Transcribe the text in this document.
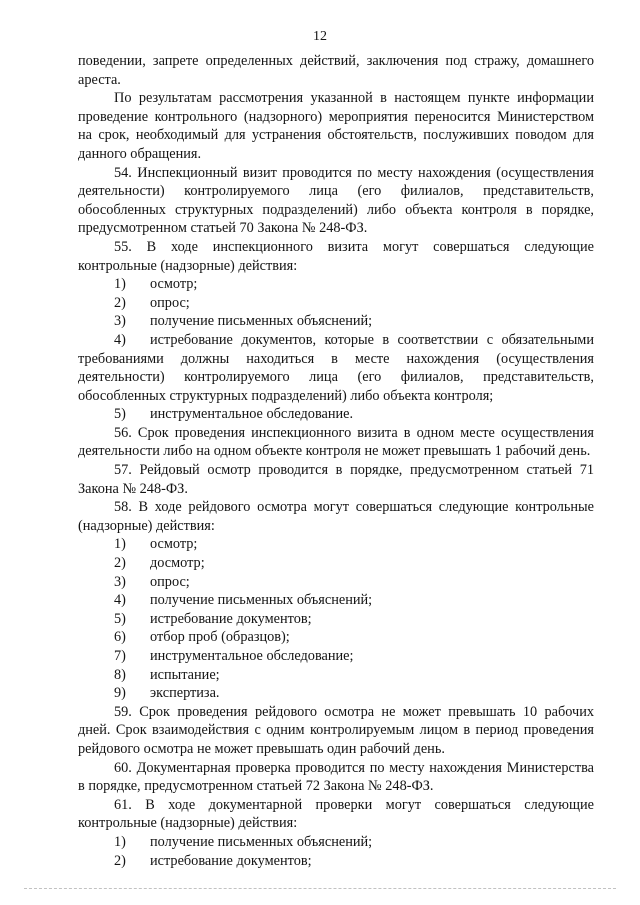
12

поведении, запрете определенных действий, заключения под стражу, домашнего ареста.

По результатам рассмотрения указанной в настоящем пункте информации проведение контрольного (надзорного) мероприятия переносится Министерством на срок, необходимый для устранения обстоятельств, послуживших поводом для данного обращения.

54. Инспекционный визит проводится по месту нахождения (осуществления деятельности) контролируемого лица (его филиалов, представительств, обособленных структурных подразделений) либо объекта контроля в порядке, предусмотренном статьей 70 Закона № 248-ФЗ.

55. В ходе инспекционного визита могут совершаться следующие контрольные (надзорные) действия:

1)	осмотр;
2)	опрос;
3)	получение письменных объяснений;
4) истребование документов, которые в соответствии с обязательными требованиями должны находиться в месте нахождения (осуществления деятельности) контролируемого лица (его филиалов, представительств, обособленных структурных подразделений) либо объекта контроля;
5)	инструментальное обследование.

56. Срок проведения инспекционного визита в одном месте осуществления деятельности либо на одном объекте контроля не может превышать 1 рабочий день.

57. Рейдовый осмотр проводится в порядке, предусмотренном статьей 71 Закона № 248-ФЗ.

58. В ходе рейдового осмотра могут совершаться следующие контрольные (надзорные) действия:

1)	осмотр;
2)	досмотр;
3)	опрос;
4)	получение письменных объяснений;
5)	истребование документов;
6)	отбор проб (образцов);
7)	инструментальное обследование;
8)	испытание;
9)	экспертиза.

59. Срок проведения рейдового осмотра не может превышать 10 рабочих дней. Срок взаимодействия с одним контролируемым лицом в период проведения рейдового осмотра не может превышать один рабочий день.

60. Документарная проверка проводится по месту нахождения Министерства в порядке, предусмотренном статьей 72 Закона № 248-ФЗ.

61. В ходе документарной проверки могут совершаться следующие контрольные (надзорные) действия:

1)	получение письменных объяснений;
2)	истребование документов;
